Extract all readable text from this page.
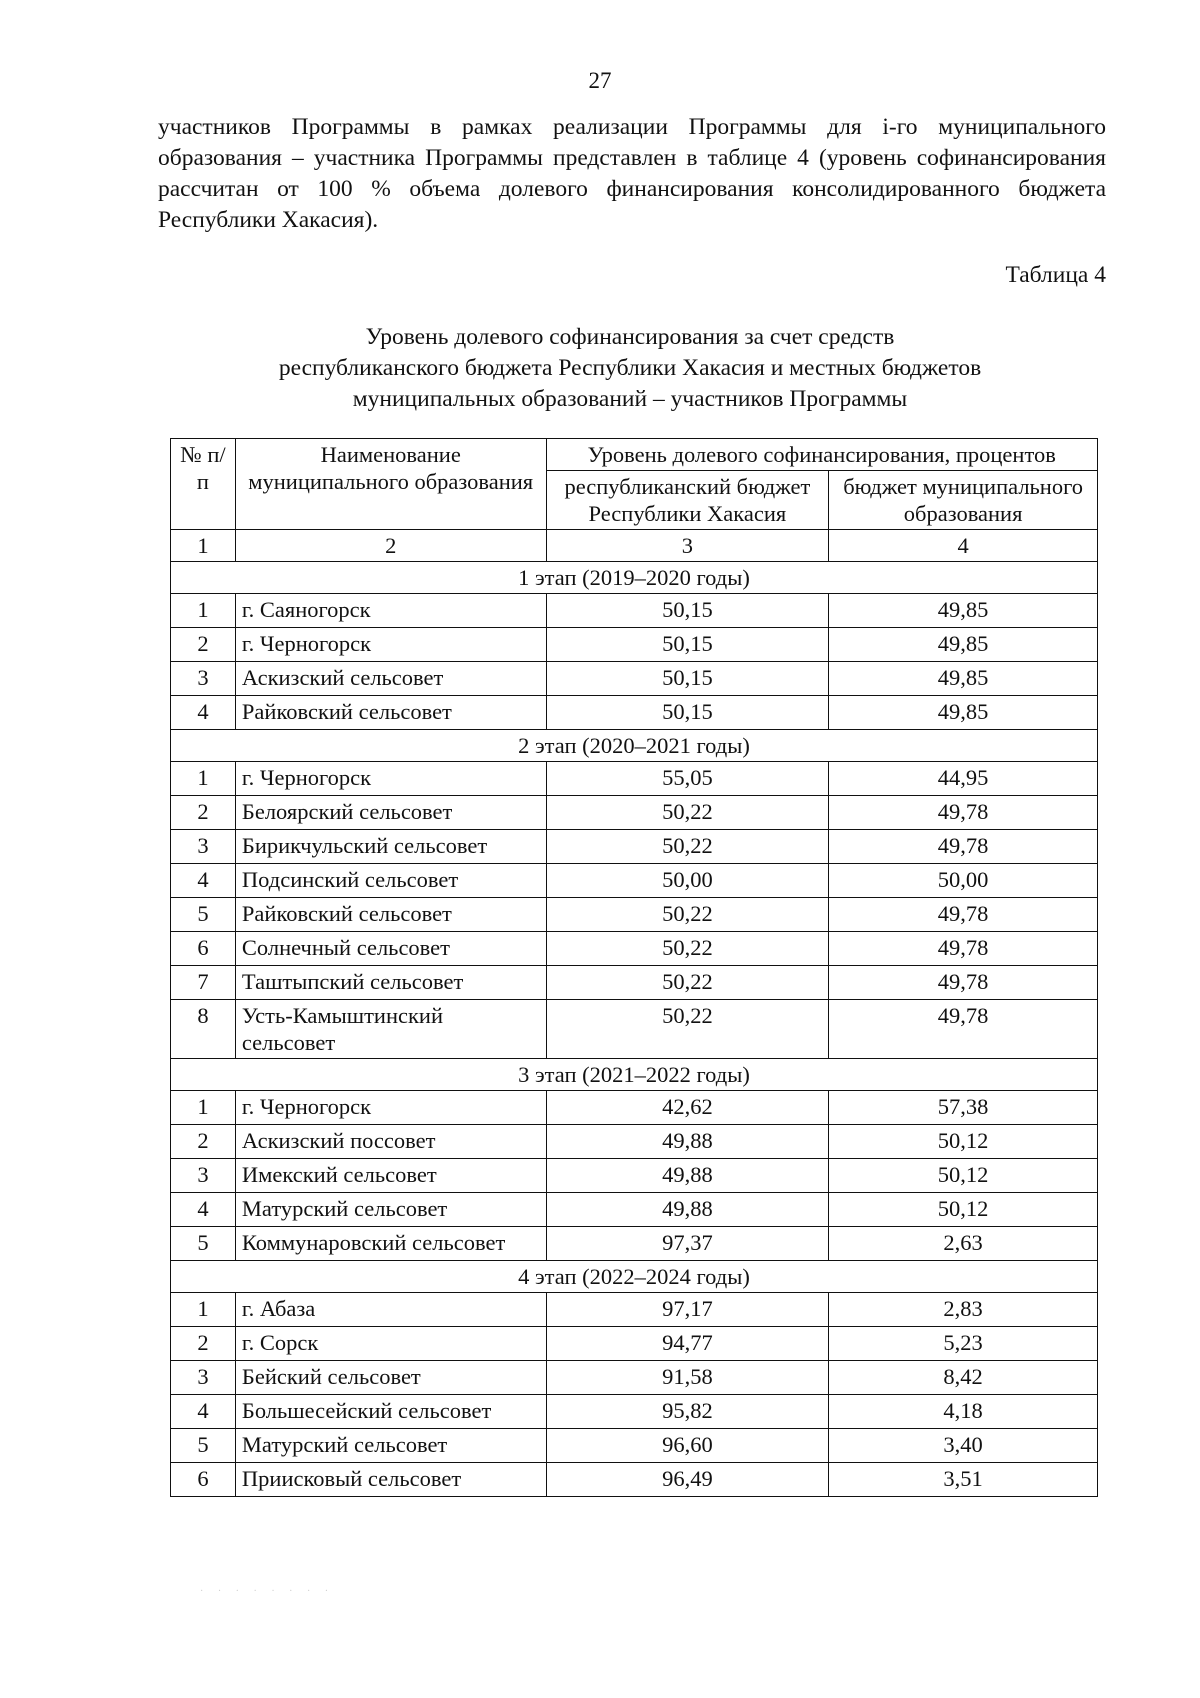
27
участников Программы в рамках реализации Программы для i-го муниципального образования – участника Программы представлен в таблице 4 (уровень софинансирования рассчитан от 100 % объема долевого финансирования консолидированного бюджета Республики Хакасия).
Таблица 4
Уровень долевого софинансирования за счет средств
республиканского бюджета Республики Хакасия и местных бюджетов
муниципальных образований – участников Программы
№ п/п	Наименование муниципального образования	Уровень долевого софинансирования, процентов	
		республиканский бюджет Республики Хакасия	бюджет муниципального образования
1	2	3	4
1 этап (2019–2020 годы)			
1	г. Саяногорск	50,15	49,85
2	г. Черногорск	50,15	49,85
3	Аскизский сельсовет	50,15	49,85
4	Райковский сельсовет	50,15	49,85
2 этап (2020–2021 годы)			
1	г. Черногорск	55,05	44,95
2	Белоярский сельсовет	50,22	49,78
3	Бирикчульский сельсовет	50,22	49,78
4	Подсинский сельсовет	50,00	50,00
5	Райковский сельсовет	50,22	49,78
6	Солнечный сельсовет	50,22	49,78
7	Таштыпский сельсовет	50,22	49,78
8	Усть-Камыштинский сельсовет	50,22	49,78
3 этап (2021–2022 годы)			
1	г. Черногорск	42,62	57,38
2	Аскизский поссовет	49,88	50,12
3	Имекский сельсовет	49,88	50,12
4	Матурский сельсовет	49,88	50,12
5	Коммунаровский сельсовет	97,37	2,63
4 этап (2022–2024 годы)			
1	г. Абаза	97,17	2,83
2	г. Сорск	94,77	5,23
3	Бейский сельсовет	91,58	8,42
4	Большесейский сельсовет	95,82	4,18
5	Матурский сельсовет	96,60	3,40
6	Приисковый сельсовет	96,49	3,51
· · · · · · · ·
